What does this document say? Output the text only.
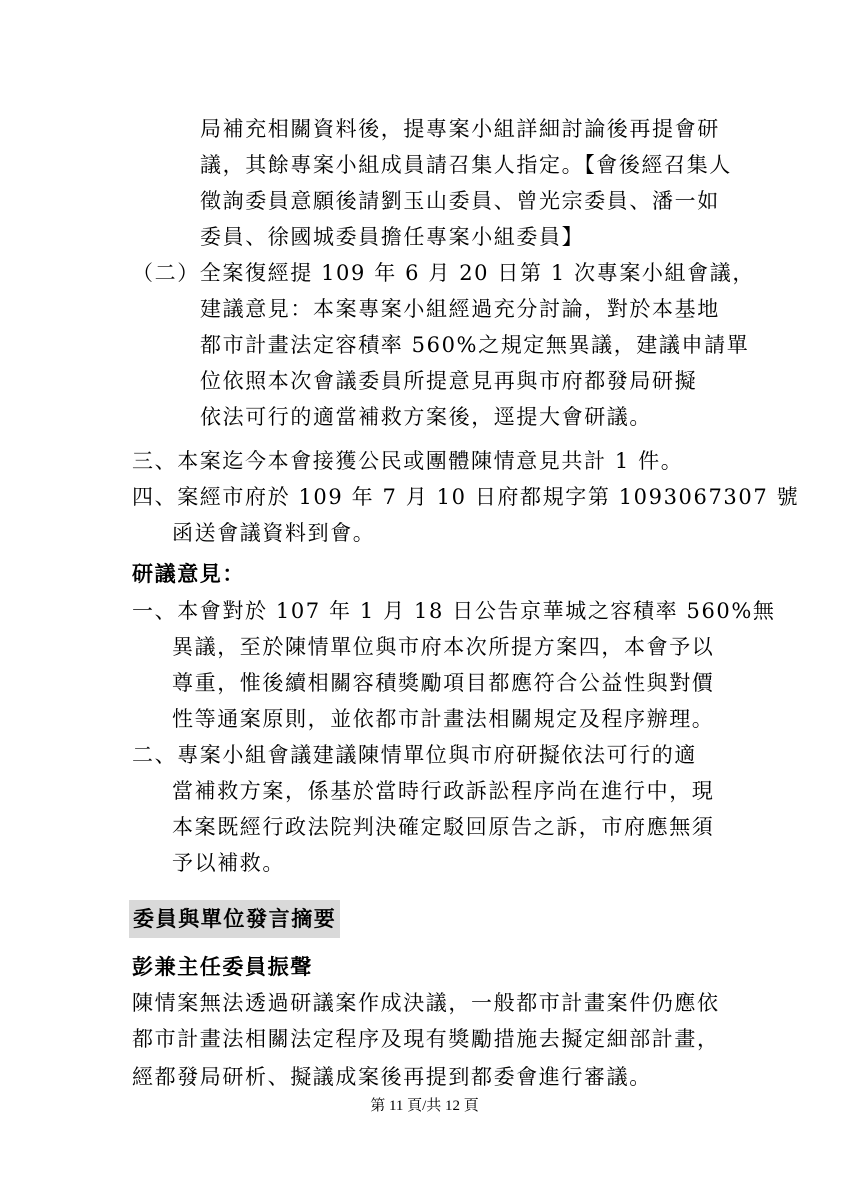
局補充相關資料後，提專案小組詳細討論後再提會研
議，其餘專案小組成員請召集人指定。【會後經召集人
徵詢委員意願後請劉玉山委員、曾光宗委員、潘一如
委員、徐國城委員擔任專案小組委員】
（二）全案復經提 109 年 6 月 20 日第 1 次專案小組會議，
建議意見：本案專案小組經過充分討論，對於本基地
都市計畫法定容積率 560%之規定無異議，建議申請單
位依照本次會議委員所提意見再與市府都發局研擬
依法可行的適當補救方案後，逕提大會研議。
三、本案迄今本會接獲公民或團體陳情意見共計 1 件。
四、案經市府於 109 年 7 月 10 日府都規字第 1093067307 號
函送會議資料到會。
研議意見：
一、本會對於 107 年 1 月 18 日公告京華城之容積率 560%無
異議，至於陳情單位與市府本次所提方案四，本會予以
尊重，惟後續相關容積獎勵項目都應符合公益性與對價
性等通案原則，並依都市計畫法相關規定及程序辦理。
二、專案小組會議建議陳情單位與市府研擬依法可行的適
當補救方案，係基於當時行政訴訟程序尚在進行中，現
本案既經行政法院判決確定駁回原告之訴，市府應無須
予以補救。
委員與單位發言摘要
彭兼主任委員振聲
陳情案無法透過研議案作成決議，一般都市計畫案件仍應依
都市計畫法相關法定程序及現有獎勵措施去擬定細部計畫，
經都發局研析、擬議成案後再提到都委會進行審議。
第 11 頁/共 12 頁
